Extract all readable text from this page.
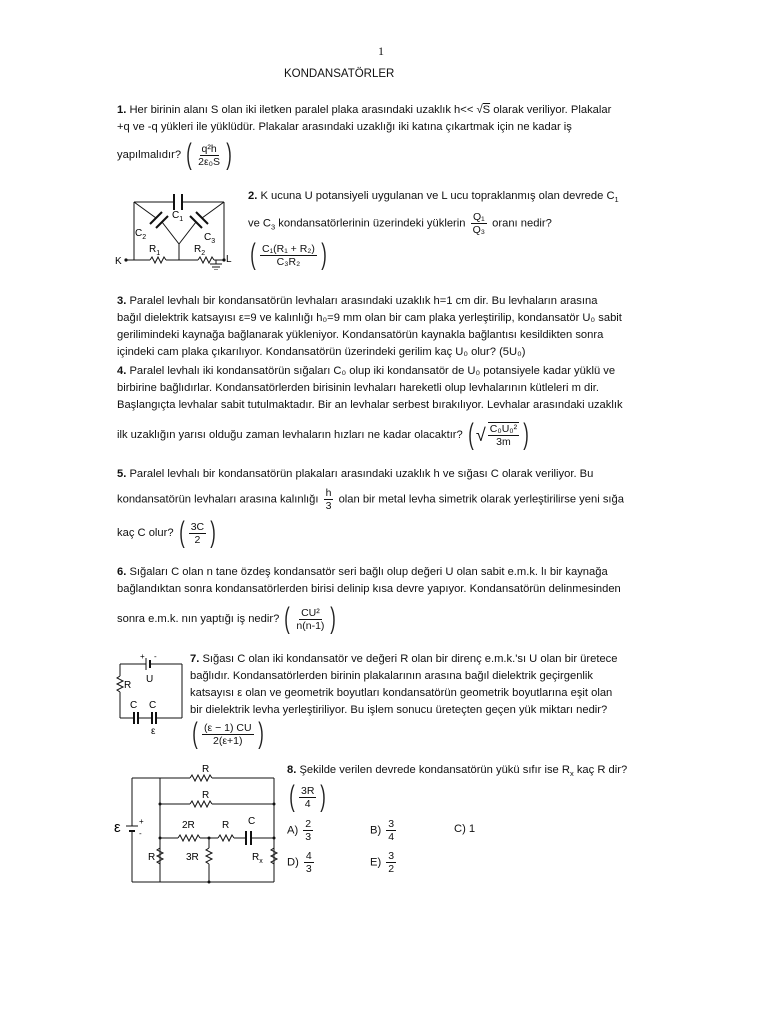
1
KONDANSATÖRLER
1. Her birinin alanı S olan iki iletken paralel plaka arasındaki uzaklık h<< √S olarak veriliyor. Plakalar
+q ve -q yükleri ile yüklüdür. Plakalar arasındaki uzaklığı iki katına çıkartmak için ne kadar iş
yapılmalıdır? ( $\frac{\text{q²h}}{\text{2ε₀S}}$
)
$C_1$
$C_2$	$C_3$
$R_1$	$R_2$
K	L
2. K ucuna U potansiyeli uygulanan ve L ucu topraklanmış olan devrede $C_1$
ve $C_3$ kondansatörlerinin üzerindeki yüklerin $\frac{\text{Q₁}}{\text{Q₃}}$ oranı nedir?
( $\frac{\text{C₁(R₁ + R₂)}}{\text{C₃R₂}}$
)
3. Paralel levhalı bir kondansatörün levhaları arasındaki uzaklık h=1 cm dir. Bu levhaların arasına
bağıl dielektrik katsayısı ε=9 ve kalınlığı h₀=9 mm olan bir cam plaka yerleştirilip, kondansatör U₀ sabit
gerilimindeki kaynağa bağlanarak yükleniyor. Kondansatörün kaynakla bağlantısı kesildikten sonra
içindeki cam plaka çıkarılıyor. Kondansatörün üzerindeki gerilim kaç U₀ olur? (5U₀)
4. Paralel levhalı iki kondansatörün sığaları C₀ olup iki kondansatör de U₀ potansiyele kadar yüklü ve
birbirine bağlıdırlar. Kondansatörlerden birisinin levhaları hareketli olup levhalarının kütleleri m dir.
Başlangıçta levhalar sabit tutulmaktadır. Bir an levhalar serbest bırakılıyor. Levhalar arasındaki uzaklık
ilk uzaklığın yarısı olduğu zaman levhaların hızları ne kadar olacaktır? ( √ $\frac{\text{C₀U₀²}}{3m}$
)
5. Paralel levhalı bir kondansatörün plakaları arasındaki uzaklık h ve sığası C olarak veriliyor. Bu
kondansatörün levhaları arasına kalınlığı $\frac{h}{3}$ olan bir metal levha simetrik olarak yerleştirilirse yeni sığa
kaç C olur? ( $\frac{3C}{2}$
)
6. Sığaları C olan n tane özdeş kondansatör seri bağlı olup değeri U olan sabit e.m.k. lı bir kaynağa
bağlandıktan sonra kondansatörlerden birisi delinip kısa devre yapıyor. Kondansatörün delinmesinden
sonra e.m.k. nın yaptığı iş nedir? ( $\frac{\text{CU²}}{n(n-1)}$
)
+ -
U
R
C C
ε
7. Sığası C olan iki kondansatör ve değeri R olan bir direnç e.m.k.'sı U olan bir üretece
bağlıdır. Kondansatörlerden birinin plakalarının arasına bağıl dielektrik geçirgenlik
katsayısı ε olan ve geometrik boyutları kondansatörün geometrik boyutlarına eşit olan
bir dielektrik levha yerleştiriliyor. Bu işlem sonucu üreteçten geçen yük miktarı nedir?
( $\frac{(\varepsilon - 1) CU}{2(\varepsilon+1)}$
)
R
R
ε +
-
2R	R C
R	3R	$R_x$
8. Şekilde verilen devrede kondansatörün yükü sıfır ise $R_x$ kaç R dir?
( $\frac{3R}{4}$
)
$A) \frac{2}{3}$	$B) \frac{3}{4}$	C) 1
$D) \frac{4}{3}$	$E) \frac{3}{2}$
